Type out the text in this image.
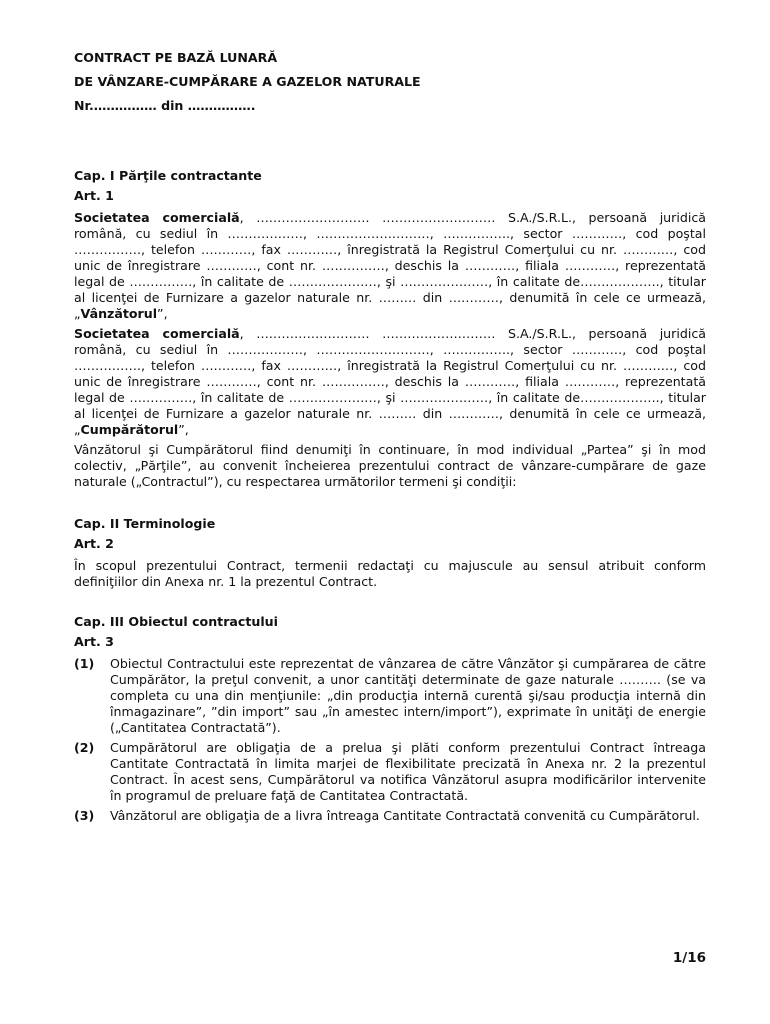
CONTRACT PE BAZĂ LUNARĂ

DE VÂNZARE-CUMPĂRARE A GAZELOR NATURALE

Nr.…………… din …………….

Cap. I Părţile contractante

Art. 1

Societatea comercială, ……………………… ……………………… S.A./S.R.L., persoană juridică română, cu sediul în ………………, ………………………, ……………., sector …………, cod poştal ……………., telefon …………, fax …………, înregistrată la Registrul Comerţului cu nr. …………, cod unic de înregistrare …………, cont nr. ……………, deschis la …………, filiala …………, reprezentată legal de ……………, în calitate de …………………, şi …………………, în calitate de………………., titular al licenţei de Furnizare a gazelor naturale nr. ……… din …………, denumită în cele ce urmează, „Vânzătorul”,

Societatea comercială, ……………………… ……………………… S.A./S.R.L., persoană juridică română, cu sediul în ………………, ………………………, ……………., sector …………, cod poştal ……………., telefon …………, fax …………, înregistrată la Registrul Comerţului cu nr. …………, cod unic de înregistrare …………, cont nr. ……………, deschis la …………, filiala …………, reprezentată legal de ……………, în calitate de …………………, şi …………………, în calitate de………………., titular al licenţei de Furnizare a gazelor naturale nr. ……… din …………, denumită în cele ce urmează, „Cumpărătorul”,

Vânzătorul şi Cumpărătorul fiind denumiţi în continuare, în mod individual „Partea” şi în mod colectiv, „Părţile”, au convenit încheierea prezentului contract de vânzare-cumpărare de gaze naturale („Contractul”), cu respectarea următorilor termeni şi condiţii:

Cap. II Terminologie

Art. 2

În scopul prezentului Contract, termenii redactaţi cu majuscule au sensul atribuit conform definiţiilor din Anexa nr. 1 la prezentul Contract.

Cap. III Obiectul contractului

Art. 3

(1)	Obiectul Contractului este reprezentat de vânzarea de către Vânzător şi cumpărarea de către Cumpărător, la preţul convenit, a unor cantităţi determinate de gaze naturale ………. (se va completa cu una din menţiunile: „din producţia internă curentă şi/sau producţia internă din înmagazinare”, ”din import” sau „în amestec intern/import”), exprimate în unităţi de energie („Cantitatea Contractată”).
(2)	Cumpărătorul are obligaţia de a prelua şi plăti conform prezentului Contract întreaga Cantitate Contractată în limita marjei de flexibilitate precizată în Anexa nr. 2 la prezentul Contract. În acest sens, Cumpărătorul va notifica Vânzătorul asupra modificărilor intervenite în programul de preluare faţă de Cantitatea Contractată.
(3)	Vânzătorul are obligaţia de a livra întreaga Cantitate Contractată convenită cu Cumpărătorul.
1/16
